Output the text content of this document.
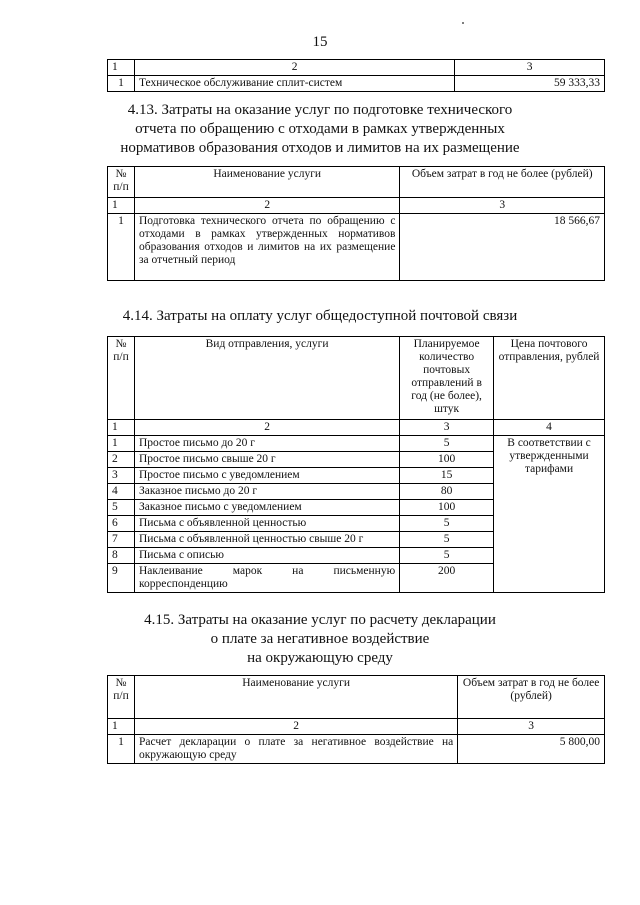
15
1	2	3
1	Техническое обслуживание сплит-систем	59 333,33
4.13. Затраты на оказание услуг по подготовке технического
отчета по обращению с отходами в рамках утвержденных
нормативов образования отходов и лимитов на их размещение
№ п/п	Наименование услуги	Объем затрат в год не более (рублей)
1	2	3
1	Подготовка технического отчета по обращению с отходами в рамках утвержденных нормативов образования отходов и лимитов на их размещение за отчетный период	18 566,67
4.14. Затраты на оплату услуг общедоступной почтовой связи
№ п/п	Вид отправления, услуги	Планируемое количество почтовых отправлений в год (не более), штук	Цена почтового отправления, рублей
1	2	3	4
1	Простое письмо до 20 г	5	В соответствии с утвержденными тарифами
2	Простое письмо свыше 20 г	100	
3	Простое письмо с уведомлением	15	
4	Заказное письмо до 20 г	80	
5	Заказное письмо с уведомлением	100	
6	Письма с объявленной ценностью	5	
7	Письма с объявленной ценностью свыше 20 г	5	
8	Письма с описью	5	
9	Наклеивание марок на письменную корреспонденцию	200	
4.15. Затраты на оказание услуг по расчету декларации
о плате за негативное воздействие
на окружающую среду
№ п/п	Наименование услуги	Объем затрат в год не более (рублей)
1	2	3
1	Расчет декларации о плате за негативное воздействие на окружающую среду	5 800,00
